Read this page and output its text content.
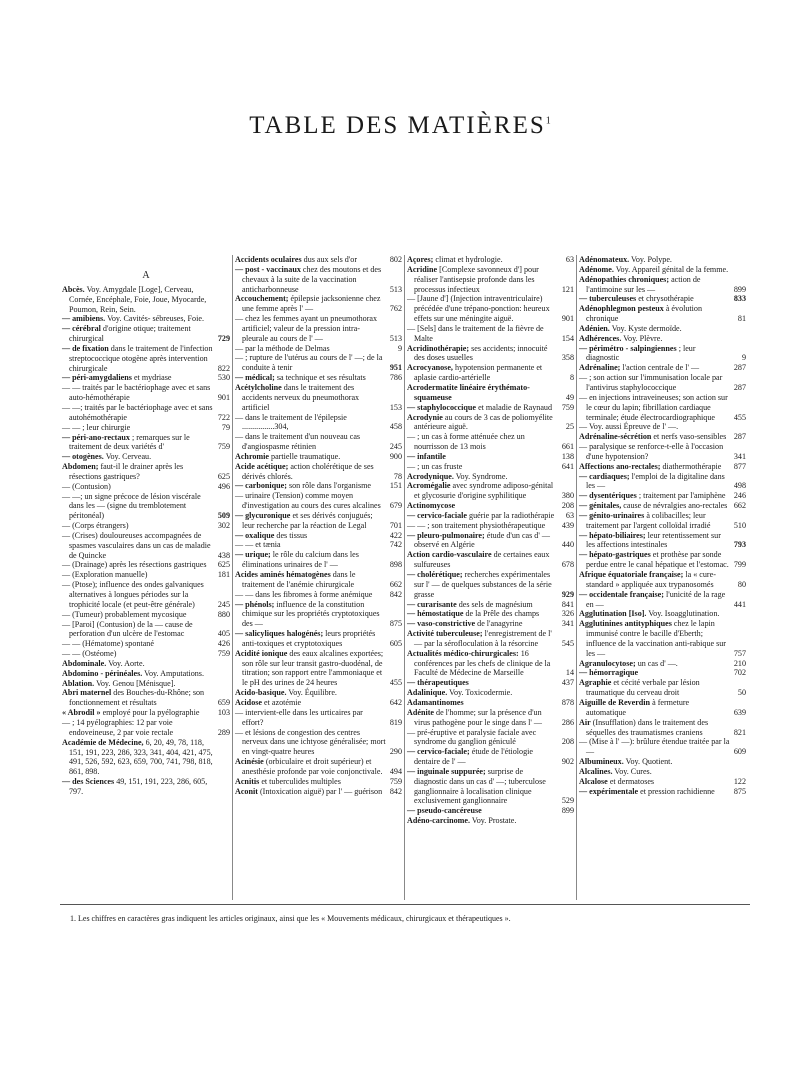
TABLE DES MATIÈRES$^1$
A
Abcès. Voy. Amygdale [Loge], Cerveau, Cornée, Encéphale, Foie, Joue, Myocarde, Poumon, Rein, Sein.
— amibiens. Voy. Cavités- sébreuses, Foie.
— cérébral d'origine otique; traitement chirurgical	729
— de fixation dans le traitement de l'infection streptococcique otogène après intervention chirurgicale	822
— péri-amygdaliens et mydriase	530
— — traités par le bactériophage avec et sans auto-hémothérapie	901
— —; traités par le bactériophage avec et sans autohémothérapie	722
— — ; leur chirurgie	79
— péri-ano-rectaux ; remarques sur le traitement de deux variétés d'	759
— otogènes. Voy. Cerveau.
Abdomen; faut-il le drainer après les résections gastriques?	625
— (Contusion)	496
— —; un signe précoce de lésion viscérale dans les — (signe du tremblotement péritonéal)	509
— (Corps étrangers)	302
— (Crises) douloureuses accompagnées de spasmes vasculaires dans un cas de maladie de Quincke	438
— (Drainage) après les résections gastriques 625
— (Exploration manuelle)	181
— (Ptose); influence des ondes galvaniques alternatives à longues périodes sur la trophicité locale (et peut-être générale)	245
— (Tumeur) probablement mycosique	880
— [Paroi] (Contusion) de la — cause de perforation d'un ulcère de l'estomac	405
— — (Hématome) spontané	426
— — (Ostéome)	759
Abdominale. Voy. Aorte.
Abdomino - périnéales. Voy. Amputations.
Ablation. Voy. Genou [Ménisque].
Abri maternel des Bouches-du-Rhône; son fonctionnement et résultats	659
« Abrodil » employé pour la pyélographie 103
— ; 14 pyélographies: 12 par voie endoveineuse, 2 par voie rectale	289
Académie de Médecine, 6, 20, 49, 78, 118, 151, 191, 223, 286, 323, 341, 404, 421, 475, 491, 526, 592, 623, 659, 700, 741, 798, 818, 861, 898.
— des Sciences 49, 151, 191, 223, 286, 605, 797.
Accidents oculaires dus aux sels d'or	802
— post - vaccinaux chez des moutons et des chevaux à la suite de la vaccination anticharbonneuse	513
Accouchement; épilepsie jacksonienne chez une femme après l' —	762
— chez les femmes ayant un pneumothorax artificiel; valeur de la pression intra-pleurale au cours de l' —	513
— par la méthode de Delmas	9
— ; rupture de l'utérus au cours de l' —; de la conduite à tenir	951
— médical; sa technique et ses résultats	786
Acétylcholine dans le traitement des accidents nerveux du pneumothorax artificiel	153
— dans le traitement de l'épilepsie ................304,	458
— dans le traitement d'un nouveau cas d'angiospasme rétinien	245
Achromie partielle traumatique.	900
Acide acétique; action cholérétique de ses dérivés chlorés.	78
— carbonique; son rôle dans l'organisme 151
— urinaire (Tension) comme moyen d'investigation au cours des cures alcalines 679
— glycuronique et ses dérivés conjugués; leur recherche par la réaction de Legal	701
— oxalique des tissus	422
— — et tænia	742
— urique; le rôle du calcium dans les éliminations urinaires de l' —	898
Acides aminés hématogènes dans le traitement de l'anémie chirurgicale	662
— — dans les fibromes à forme anémique 842
— phénols; influence de la constitution chimique sur les propriétés cryptotoxiques des —	875
— salicyliques halogénés; leurs propriétés anti-toxiques et cryptotoxiques	605
Acidité ionique des eaux alcalines exportées; son rôle sur leur transit gastro-duodénal, de titration; son rapport entre l'ammoniaque et le pH des urines de 24 heures	455
Acido-basique. Voy. Équilibre.
Acidose et azotémie	642
— intervient-elle dans les urticaires par effort?	819
— et lésions de congestion des centres nerveux dans une ichtyose généralisée; mort en vingt-quatre heures	290
Acinésie (orbiculaire et droit supérieur) et anesthésie profonde par voie conjonctivale. 494
Acnitis et tuberculides multiples	759
Aconit (Intoxication aiguë) par l' — guérison 842
Açores; climat et hydrologie.	63
Acridine [Complexe savonneux d'] pour réaliser l'antisepsie profonde dans les processus infectieux	121
— [Jaune d'] (Injection intraventriculaire) précédée d'une trépano-ponction: heureux effets sur une méningite aiguë.	901
— [Sels] dans le traitement de la fièvre de Malte	154
Acridinothérapie; ses accidents; innocuité des doses usuelles	358
Acrocyanose, hypotension permanente et aplasie cardio-artérielle	8
Acrodermatite linéaire érythémato-squameuse	49
— staphylococcique et maladie de Raynaud 759
Acrodynie au cours de 3 cas de poliomyélite antérieure aiguë.	25
— ; un cas à forme atténuée chez un nourrisson de 13 mois	661
— infantile	138
— ; un cas fruste	641
Acrodynique. Voy. Syndrome.
Acromégalie avec syndrome adiposo-génital et glycosurie d'origine syphilitique	380
Actinomycose	208
— cervico-faciale guérie par la radiothérapie 63
— — ; son traitement physiothérapeutique 439
— pleuro-pulmonaire; étude d'un cas d' — observé en Algérie	440
Action cardio-vasculaire de certaines eaux sulfureuses	678
— cholérétique; recherches expérimentales sur l' — de quelques substances de la série grasse	929
— curarisante des sels de magnésium	841
— hémostatique de la Prêle des champs	326
— vaso-constrictive de l'anagyrine	341
Activité tuberculeuse; l'enregistrement de l' — par la sérofloculation à la résorcine	545
Actualités médico-chirurgicales: 16 conférences par les chefs de clinique de la Faculté de Médecine de Marseille	14
— thérapeutiques	437
Adalinique. Voy. Toxicodermie.
Adamantinomes	878
Adénite de l'homme; sur la présence d'un virus pathogène pour le singe dans l' — 286
— pré-éruptive et paralysie faciale avec syndrome du ganglion géniculé	208
— cervico-faciale; étude de l'étiologie dentaire de l' —	902
— inguinale suppurée; surprise de diagnostic dans un cas d' —; tuberculose ganglionnaire à localisation clinique exclusivement ganglionnaire	529
— pseudo-cancéreuse	899
Adéno-carcinome. Voy. Prostate.
Adénomateux. Voy. Polype.
Adénome. Voy. Appareil génital de la femme.
Adénopathies chroniques; action de l'antimoine sur les —	899
— tuberculeuses et chrysothérapie	833
Adénophlegmon pesteux à évolution chronique	81
Adénien. Voy. Kyste dermoïde.
Adhérences. Voy. Plèvre.
— périmétro - salpingiennes ; leur diagnostic	9
Adrénaline; l'action centrale de l' —	287
— ; son action sur l'immunisation locale par l'antivirus staphylococcique	287
— en injections intraveineuses; son action sur le cœur du lapin; fibrillation cardiaque terminale; étude électrocardiographique 455
— Voy. aussi Épreuve de l' —.
Adrénaline-sécrétion et nerfs vaso-sensibles 287
— paralysique se renforce-t-elle à l'occasion d'une hypotension?	341
Affections ano-rectales; diathermothérapie 877
— cardiaques; l'emploi de la digitaline dans les —	498
— dysentériques ; traitement par l'amiphène 246
— génitales, cause de névralgies ano-rectales 662
— génito-urinaires à colibacilles; leur traitement par l'argent colloïdal irradié	510
— hépato-biliaires; leur retentissement sur les affections intestinales	793
— hépato-gastriques et prothèse par sonde perdue entre le canal hépatique et l'estomac. 799
Afrique équatoriale française; la « cure-standard » appliquée aux trypanosomés	80
— occidentale française; l'unicité de la rage en —	441
Agglutination [Iso]. Voy. Isoagglutination.
Agglutinines antityphiques chez le lapin immunisé contre le bacille d'Eberth; influence de la vaccination anti-rabique sur les —	757
Agranulocytose; un cas d' —.	210
— hémorragique	702
Agraphie et cécité verbale par lésion traumatique du cerveau droit	50
Aiguille de Reverdin à fermeture automatique	639
Air (Insufflation) dans le traitement des séquelles des traumatismes craniens	821
— (Mise à l' —): brûlure étendue traitée par la —	609
Albumineux. Voy. Quotient.
Alcalines. Voy. Cures.
Alcalose et dermatoses	122
— expérimentale et pression rachidienne 875
1. Les chiffres en caractères gras indiquent les articles originaux, ainsi que les « Mouvements médicaux, chirurgicaux et thérapeutiques ».
